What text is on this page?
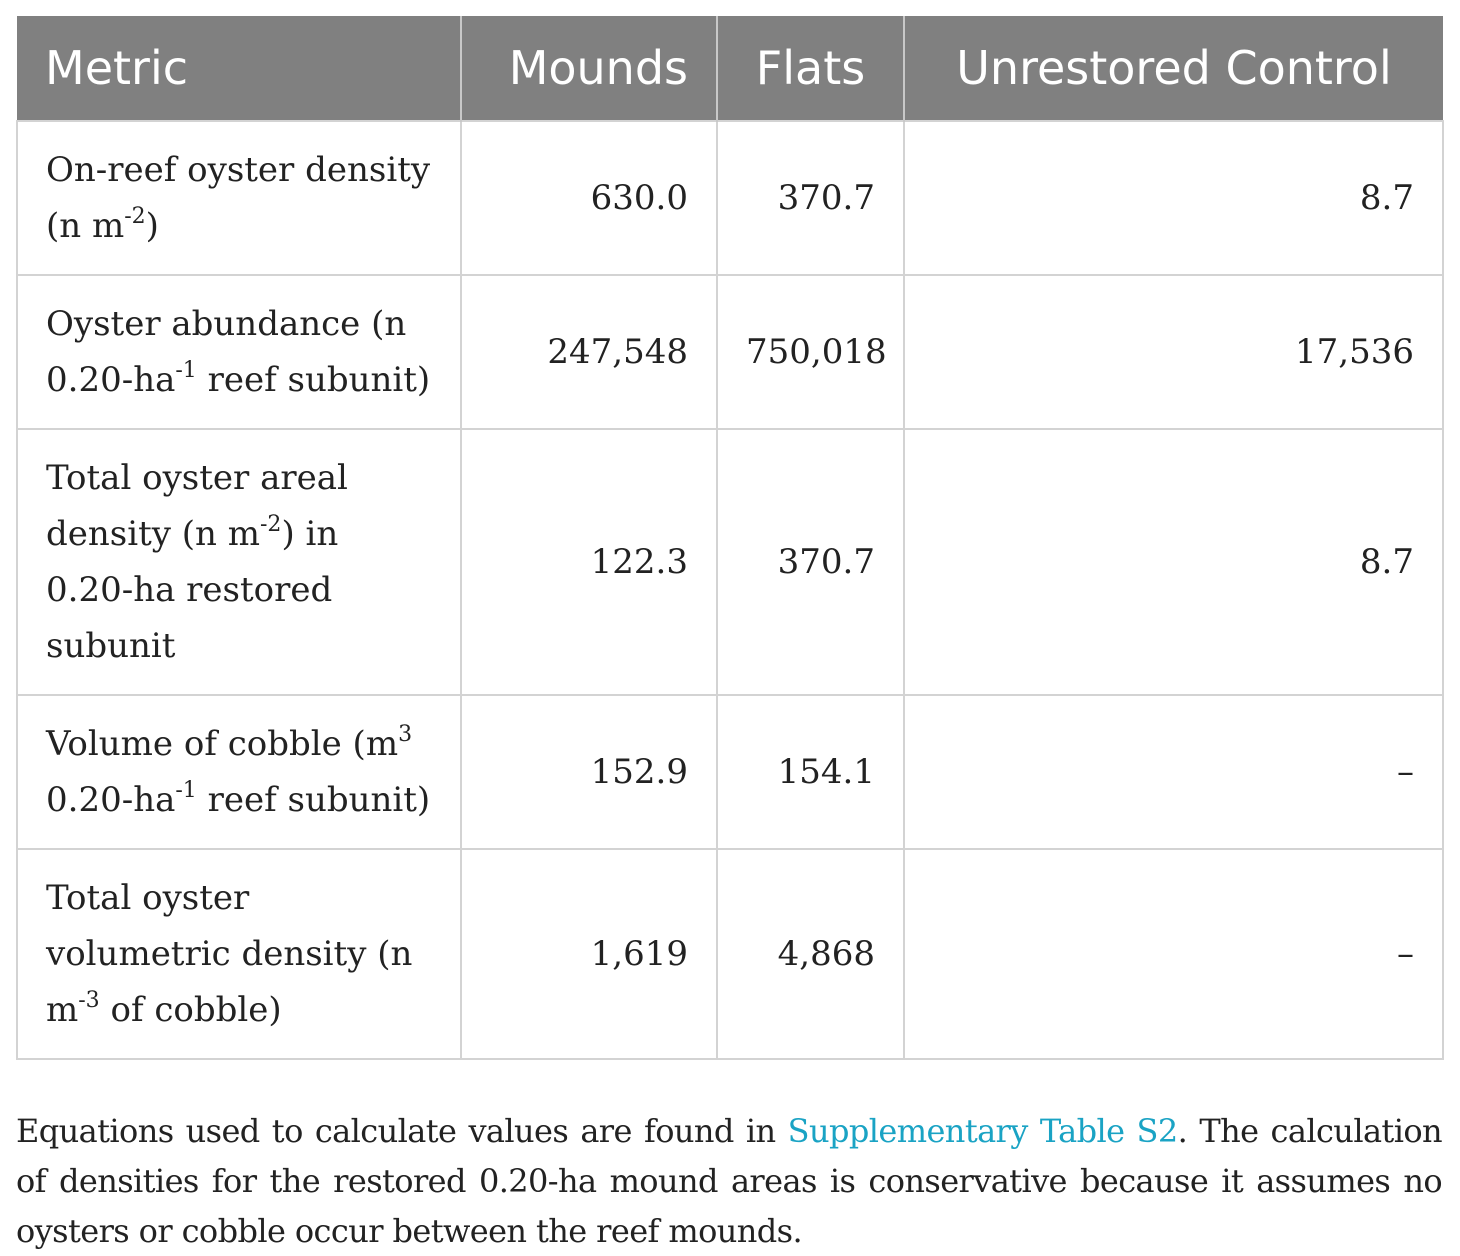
Metric	Mounds	Flats	Unrestored Control
On-reef oyster density (n $m^{-2}$)	630.0	370.7	8.7
Oyster abundance (n $0.20-ha^{-1}$ reef subunit)	247,548	750,018	17,536
Total oyster areal density (n $m^{-2}$) in 0.20-ha restored subunit	122.3	370.7	8.7
Volume of cobble ($m^3$ $0.20-ha^{-1}$ reef subunit)	152.9	154.1	–
Total oyster volumetric density (n $m^{-3}$ of cobble)	1,619	4,868	–

Equations used to calculate values are found in Supplementary Table S2. The calculation of densities for the restored 0.20-ha mound areas is conservative because it assumes no oysters or cobble occur between the reef mounds.
